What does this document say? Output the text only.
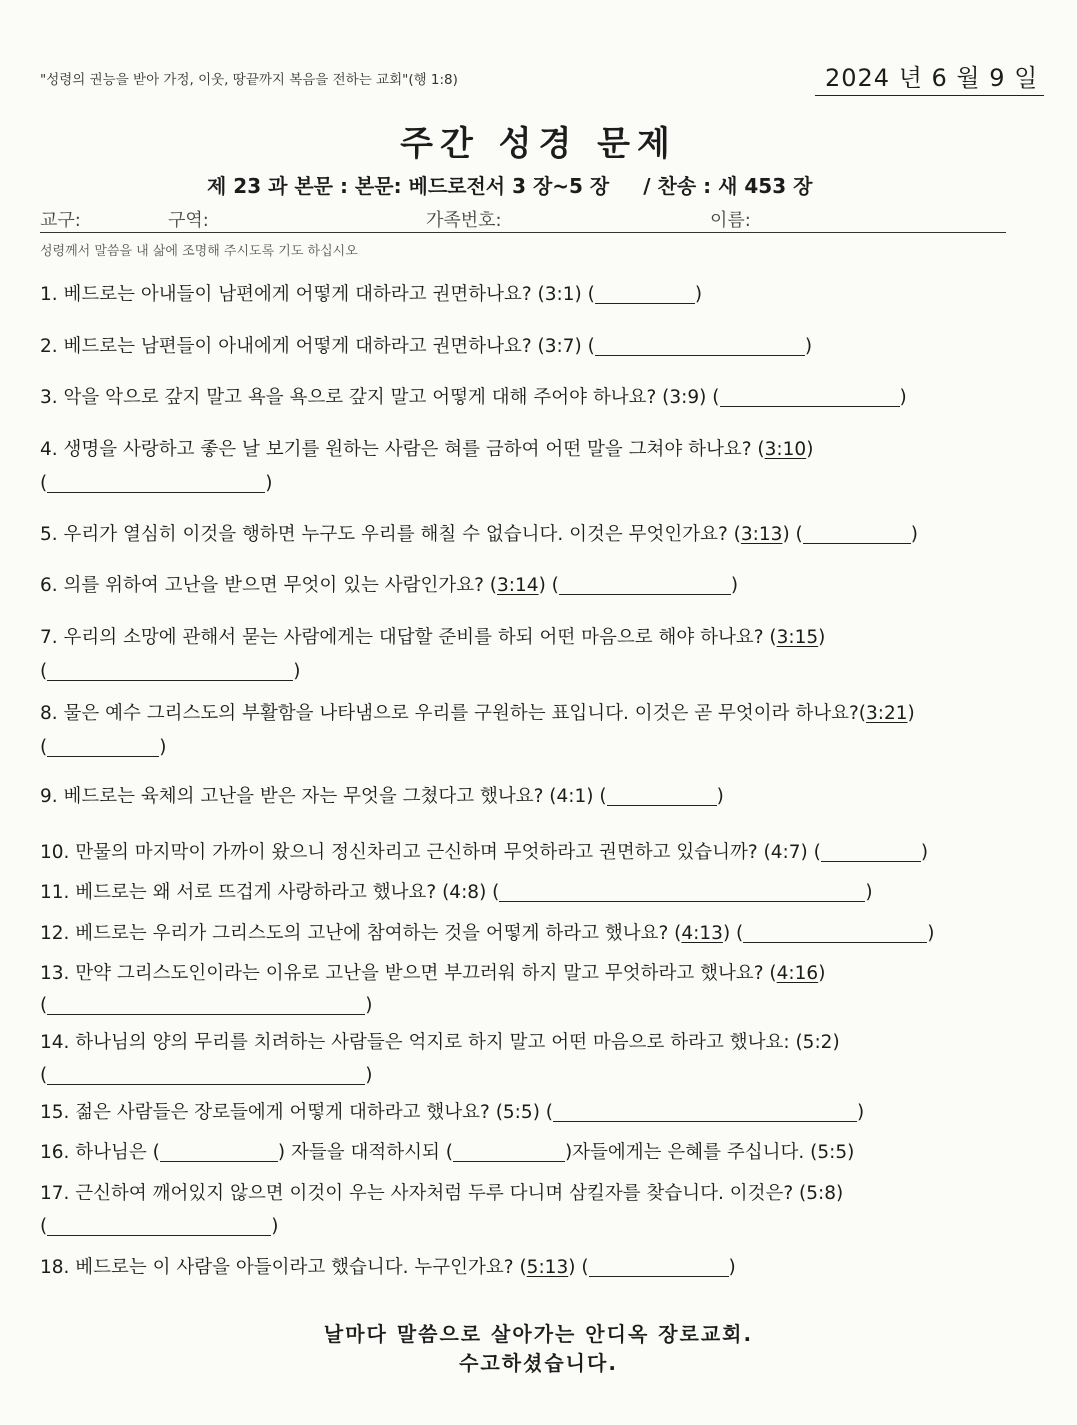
"성령의 권능을 받아 가정, 이웃, 땅끝까지 복음을 전하는 교회"(행 1:8)	2024 년 6 월 9 일
주간 성경 문제
제 23 과 본문 : 본문: 베드로전서 3 장~5 장 / 찬송 : 새 453 장
교구:	구역:	가족번호:	이름:
성령께서 말씀을 내 삶에 조명해 주시도록 기도 하십시오
1. 베드로는 아내들이 남편에게 어떻게 대하라고 권면하나요? (3:1) (	)
2. 베드로는 남편들이 아내에게 어떻게 대하라고 권면하나요? (3:7) (	)
3. 악을 악으로 갚지 말고 욕을 욕으로 갚지 말고 어떻게 대해 주어야 하나요? (3:9) (	)
4. 생명을 사랑하고 좋은 날 보기를 원하는 사람은 혀를 금하여 어떤 말을 그쳐야 하나요? (3:10)
(	)
5. 우리가 열심히 이것을 행하면 누구도 우리를 해칠 수 없습니다. 이것은 무엇인가요? (3:13) (	)
6. 의를 위하여 고난을 받으면 무엇이 있는 사람인가요? (3:14) (	)
7. 우리의 소망에 관해서 묻는 사람에게는 대답할 준비를 하되 어떤 마음으로 해야 하나요? (3:15)
(	)
8. 물은 예수 그리스도의 부활함을 나타냄으로 우리를 구원하는 표입니다. 이것은 곧 무엇이라 하나요?(3:21)
(	)
9. 베드로는 육체의 고난을 받은 자는 무엇을 그쳤다고 했나요? (4:1) (	)
10. 만물의 마지막이 가까이 왔으니 정신차리고 근신하며 무엇하라고 권면하고 있습니까? (4:7) (	)
11. 베드로는 왜 서로 뜨겁게 사랑하라고 했나요? (4:8) (	)
12. 베드로는 우리가 그리스도의 고난에 참여하는 것을 어떻게 하라고 했나요? (4:13) (	)
13. 만약 그리스도인이라는 이유로 고난을 받으면 부끄러워 하지 말고 무엇하라고 했나요? (4:16)
(	)
14. 하나님의 양의 무리를 치려하는 사람들은 억지로 하지 말고 어떤 마음으로 하라고 했나요: (5:2)
(	)
15. 젊은 사람들은 장로들에게 어떻게 대하라고 했나요? (5:5) (	)
16. 하나님은 (	) 자들을 대적하시되 (	)자들에게는 은혜를 주십니다. (5:5)
17. 근신하여 깨어있지 않으면 이것이 우는 사자처럼 두루 다니며 삼킬자를 찾습니다. 이것은? (5:8)
(	)
18. 베드로는 이 사람을 아들이라고 했습니다. 누구인가요? (5:13) (	)
날마다 말씀으로 살아가는 안디옥 장로교회.
수고하셨습니다.
